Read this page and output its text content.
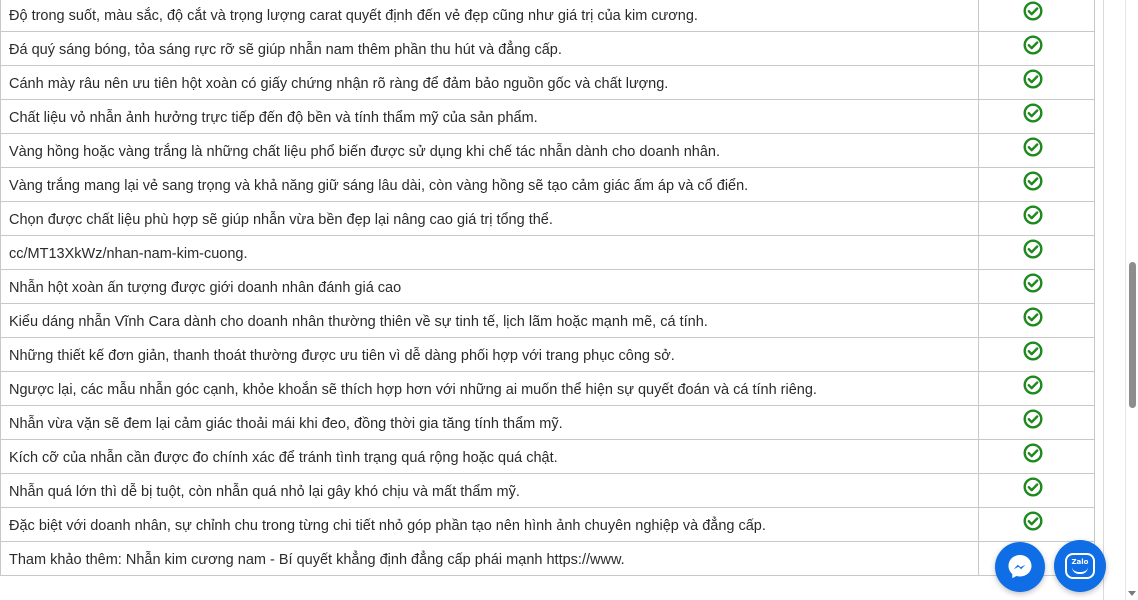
Độ trong suốt, màu sắc, độ cắt và trọng lượng carat quyết định đến vẻ đẹp cũng như giá trị của kim cương.	

Đá quý sáng bóng, tỏa sáng rực rỡ sẽ giúp nhẫn nam thêm phần thu hút và đẳng cấp.	

Cánh mày râu nên ưu tiên hột xoàn có giấy chứng nhận rõ ràng để đảm bảo nguồn gốc và chất lượng.	

Chất liệu vỏ nhẫn ảnh hưởng trực tiếp đến độ bền và tính thẩm mỹ của sản phẩm.	

Vàng hồng hoặc vàng trắng là những chất liệu phổ biến được sử dụng khi chế tác nhẫn dành cho doanh nhân.	

Vàng trắng mang lại vẻ sang trọng và khả năng giữ sáng lâu dài, còn vàng hồng sẽ tạo cảm giác ấm áp và cổ điển.	

Chọn được chất liệu phù hợp sẽ giúp nhẫn vừa bền đẹp lại nâng cao giá trị tổng thể.	

cc/MT13XkWz/nhan-nam-kim-cuong.	

Nhẫn hột xoàn ấn tượng được giới doanh nhân đánh giá cao	

Kiểu dáng nhẫn Vĩnh Cara dành cho doanh nhân thường thiên về sự tinh tế, lịch lãm hoặc mạnh mẽ, cá tính.	

Những thiết kế đơn giản, thanh thoát thường được ưu tiên vì dễ dàng phối hợp với trang phục công sở.	

Ngược lại, các mẫu nhẫn góc cạnh, khỏe khoắn sẽ thích hợp hơn với những ai muốn thể hiện sự quyết đoán và cá tính riêng.	

Nhẫn vừa vặn sẽ đem lại cảm giác thoải mái khi đeo, đồng thời gia tăng tính thẩm mỹ.	

Kích cỡ của nhẫn cần được đo chính xác để tránh tình trạng quá rộng hoặc quá chật.	

Nhẫn quá lớn thì dễ bị tuột, còn nhẫn quá nhỏ lại gây khó chịu và mất thẩm mỹ.	

Đặc biệt với doanh nhân, sự chỉnh chu trong từng chi tiết nhỏ góp phần tạo nên hình ảnh chuyên nghiệp và đẳng cấp.	

Tham khảo thêm: Nhẫn kim cương nam - Bí quyết khẳng định đẳng cấp phái mạnh https://www.		Zalo
